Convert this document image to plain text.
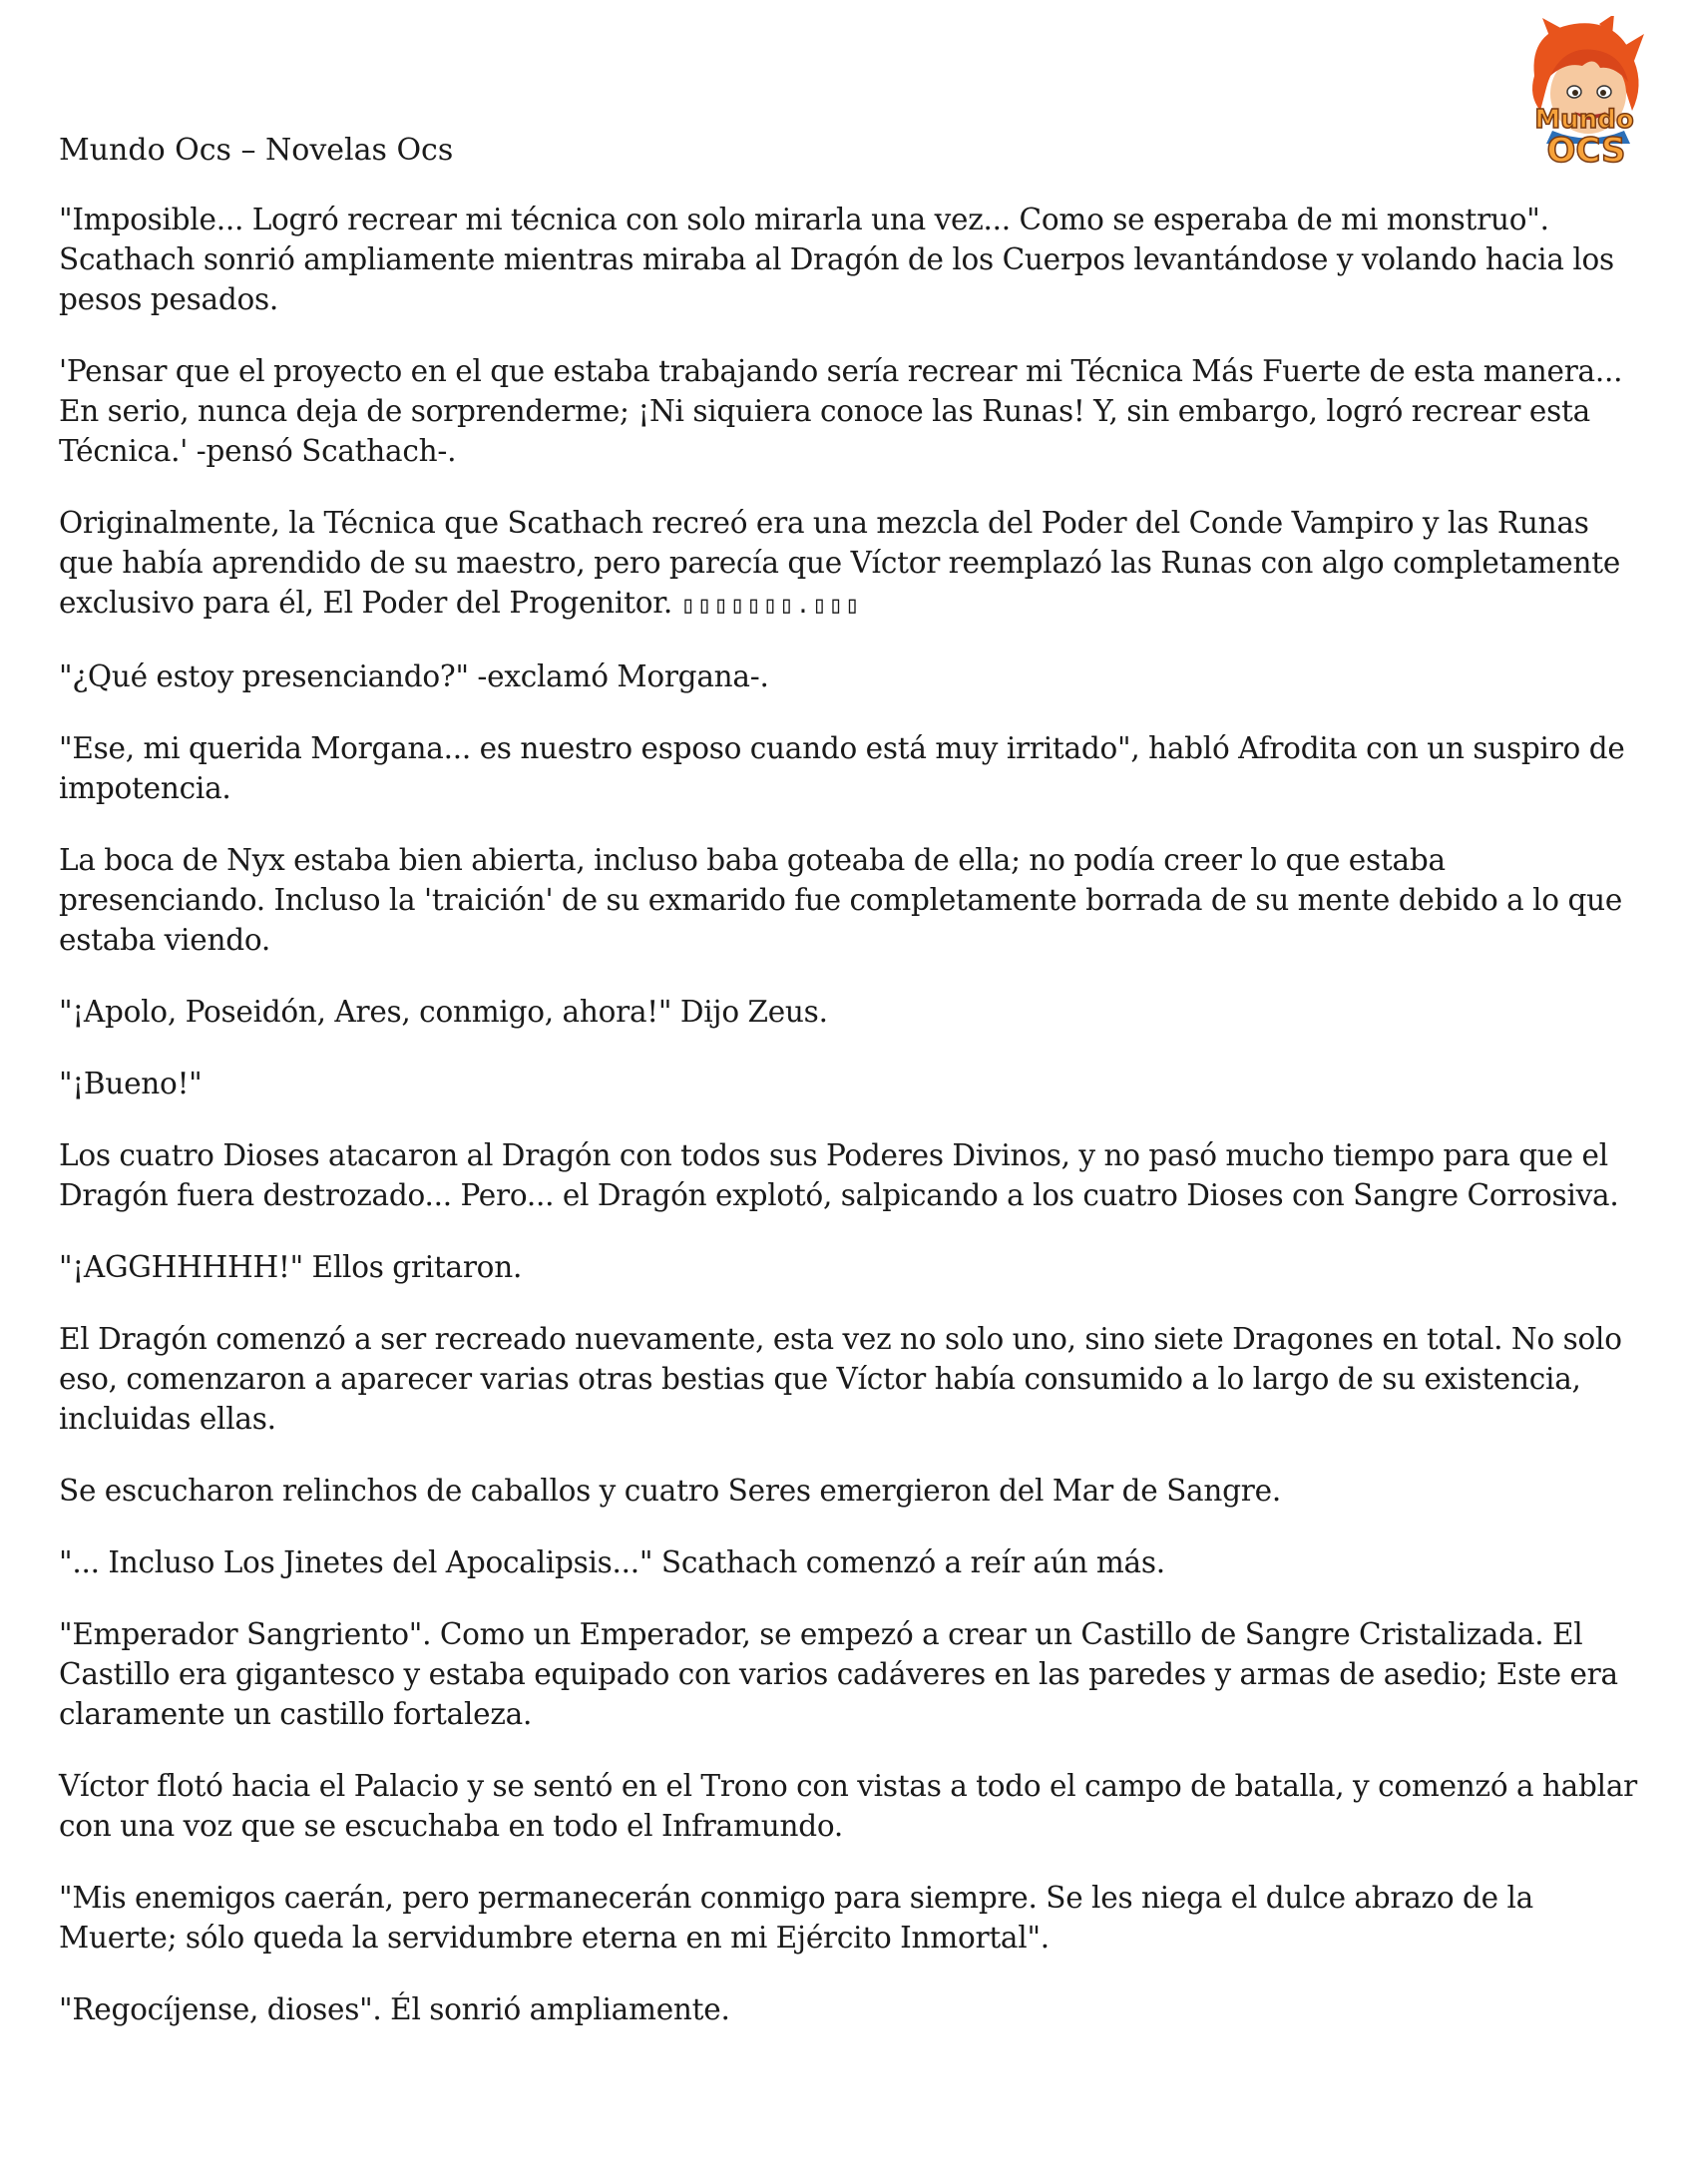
Mundo
OCS

Mundo Ocs – Novelas Ocs

"Imposible... Logró recrear mi técnica con solo mirarla una vez... Como se esperaba de mi monstruo". Scathach sonrió ampliamente mientras miraba al Dragón de los Cuerpos levantándose y volando hacia los pesos pesados.

'Pensar que el proyecto en el que estaba trabajando sería recrear mi Técnica Más Fuerte de esta manera... En serio, nunca deja de sorprenderme; ¡Ni siquiera conoce las Runas! Y, sin embargo, logró recrear esta Técnica.' -pensó Scathach-.

Originalmente, la Técnica que Scathach recreó era una mezcla del Poder del Conde Vampiro y las Runas que había aprendido de su maestro, pero parecía que Víctor reemplazó las Runas con algo completamente exclusivo para él, El Poder del Progenitor. ▯▯▯▯▯▯▯.▯▯▯

"¿Qué estoy presenciando?" -exclamó Morgana-.

"Ese, mi querida Morgana... es nuestro esposo cuando está muy irritado", habló Afrodita con un suspiro de impotencia.

La boca de Nyx estaba bien abierta, incluso baba goteaba de ella; no podía creer lo que estaba presenciando. Incluso la 'traición' de su exmarido fue completamente borrada de su mente debido a lo que estaba viendo.

"¡Apolo, Poseidón, Ares, conmigo, ahora!" Dijo Zeus.

"¡Bueno!"

Los cuatro Dioses atacaron al Dragón con todos sus Poderes Divinos, y no pasó mucho tiempo para que el Dragón fuera destrozado... Pero... el Dragón explotó, salpicando a los cuatro Dioses con Sangre Corrosiva.

"¡AGGHHHHH!" Ellos gritaron.

El Dragón comenzó a ser recreado nuevamente, esta vez no solo uno, sino siete Dragones en total. No solo eso, comenzaron a aparecer varias otras bestias que Víctor había consumido a lo largo de su existencia, incluidas ellas.

Se escucharon relinchos de caballos y cuatro Seres emergieron del Mar de Sangre.

"... Incluso Los Jinetes del Apocalipsis..." Scathach comenzó a reír aún más.

"Emperador Sangriento". Como un Emperador, se empezó a crear un Castillo de Sangre Cristalizada. El Castillo era gigantesco y estaba equipado con varios cadáveres en las paredes y armas de asedio; Este era claramente un castillo fortaleza.

Víctor flotó hacia el Palacio y se sentó en el Trono con vistas a todo el campo de batalla, y comenzó a hablar con una voz que se escuchaba en todo el Inframundo.

"Mis enemigos caerán, pero permanecerán conmigo para siempre. Se les niega el dulce abrazo de la Muerte; sólo queda la servidumbre eterna en mi Ejército Inmortal".

"Regocíjense, dioses". Él sonrió ampliamente.
